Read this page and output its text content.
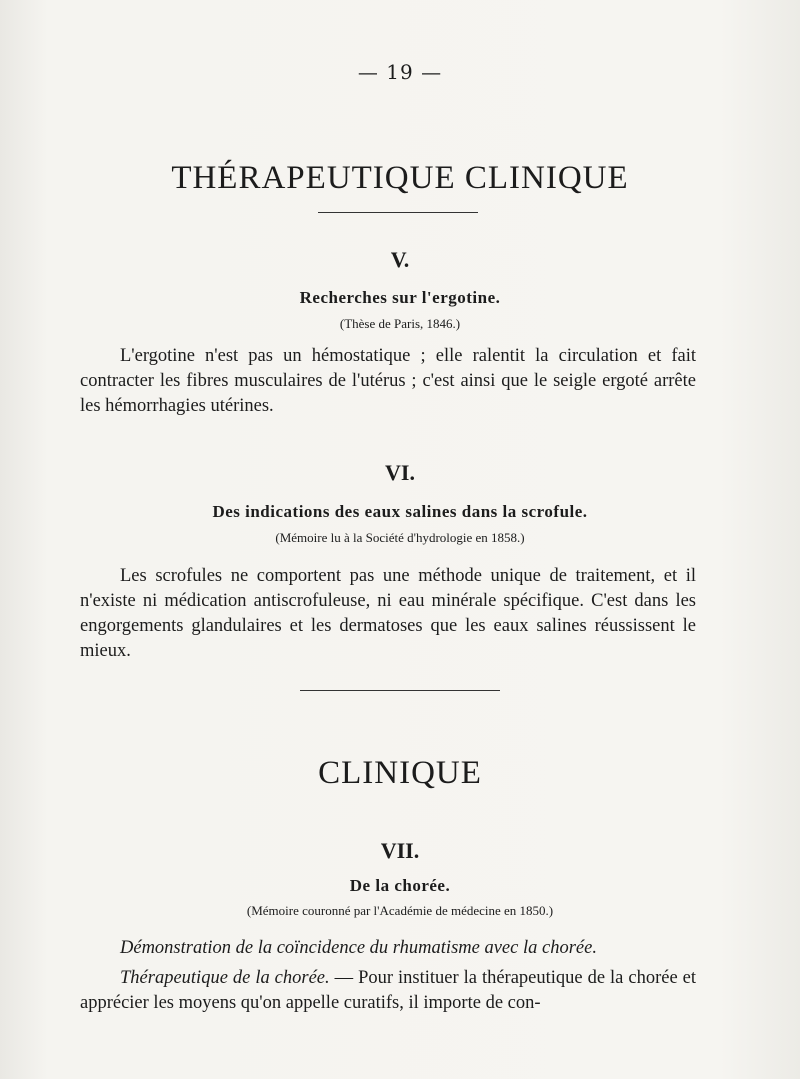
— 19 —
THÉRAPEUTIQUE CLINIQUE
V.
Recherches sur l'ergotine.
(Thèse de Paris, 1846.)

L'ergotine n'est pas un hémostatique ; elle ralentit la circulation et fait contracter les fibres musculaires de l'utérus ; c'est ainsi que le seigle ergoté arrête les hémorrhagies utérines.

VI.
Des indications des eaux salines dans la scrofule.
(Mémoire lu à la Société d'hydrologie en 1858.)

Les scrofules ne comportent pas une méthode unique de traitement, et il n'existe ni médication antiscrofuleuse, ni eau minérale spécifique. C'est dans les engorgements glandulaires et les dermatoses que les eaux salines réussissent le mieux.

CLINIQUE
VII.
De la chorée.
(Mémoire couronné par l'Académie de médecine en 1850.)
Démonstration de la coïncidence du rhumatisme avec la chorée.

Thérapeutique de la chorée. — Pour instituer la thérapeutique de la chorée et apprécier les moyens qu'on appelle curatifs, il importe de con-
